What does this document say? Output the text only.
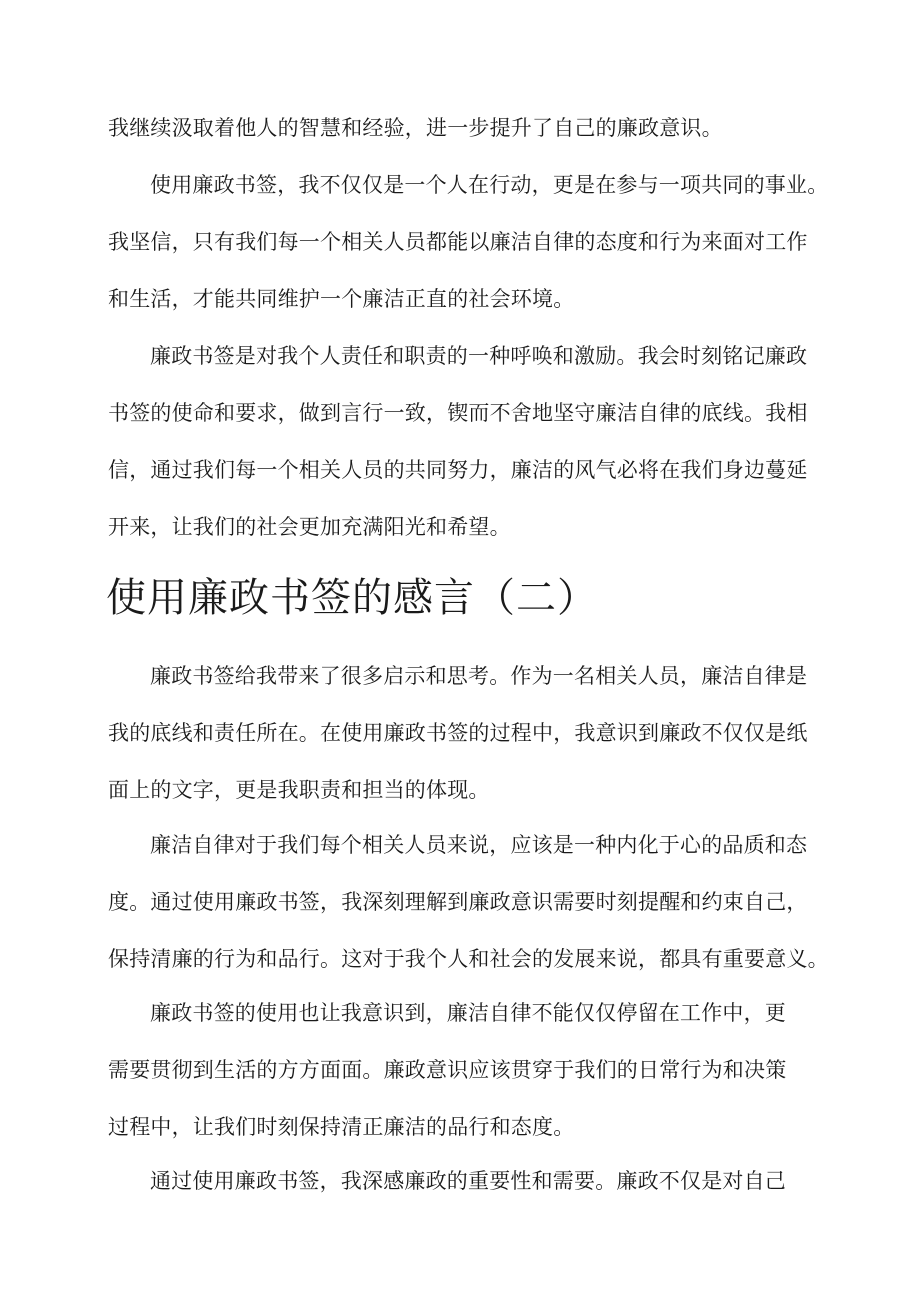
我继续汲取着他人的智慧和经验，进一步提升了自己的廉政意识。

使用廉政书签，我不仅仅是一个人在行动，更是在参与一项共同的事业。
我坚信，只有我们每一个相关人员都能以廉洁自律的态度和行为来面对工作
和生活，才能共同维护一个廉洁正直的社会环境。

廉政书签是对我个人责任和职责的一种呼唤和激励。我会时刻铭记廉政
书签的使命和要求，做到言行一致，锲而不舍地坚守廉洁自律的底线。我相
信，通过我们每一个相关人员的共同努力，廉洁的风气必将在我们身边蔓延
开来，让我们的社会更加充满阳光和希望。

使用廉政书签的感言（二）

廉政书签给我带来了很多启示和思考。作为一名相关人员，廉洁自律是
我的底线和责任所在。在使用廉政书签的过程中，我意识到廉政不仅仅是纸
面上的文字，更是我职责和担当的体现。

廉洁自律对于我们每个相关人员来说，应该是一种内化于心的品质和态
度。通过使用廉政书签，我深刻理解到廉政意识需要时刻提醒和约束自己，
保持清廉的行为和品行。这对于我个人和社会的发展来说，都具有重要意义。

廉政书签的使用也让我意识到，廉洁自律不能仅仅停留在工作中，更
需要贯彻到生活的方方面面。廉政意识应该贯穿于我们的日常行为和决策
过程中，让我们时刻保持清正廉洁的品行和态度。

通过使用廉政书签，我深感廉政的重要性和需要。廉政不仅是对自己
